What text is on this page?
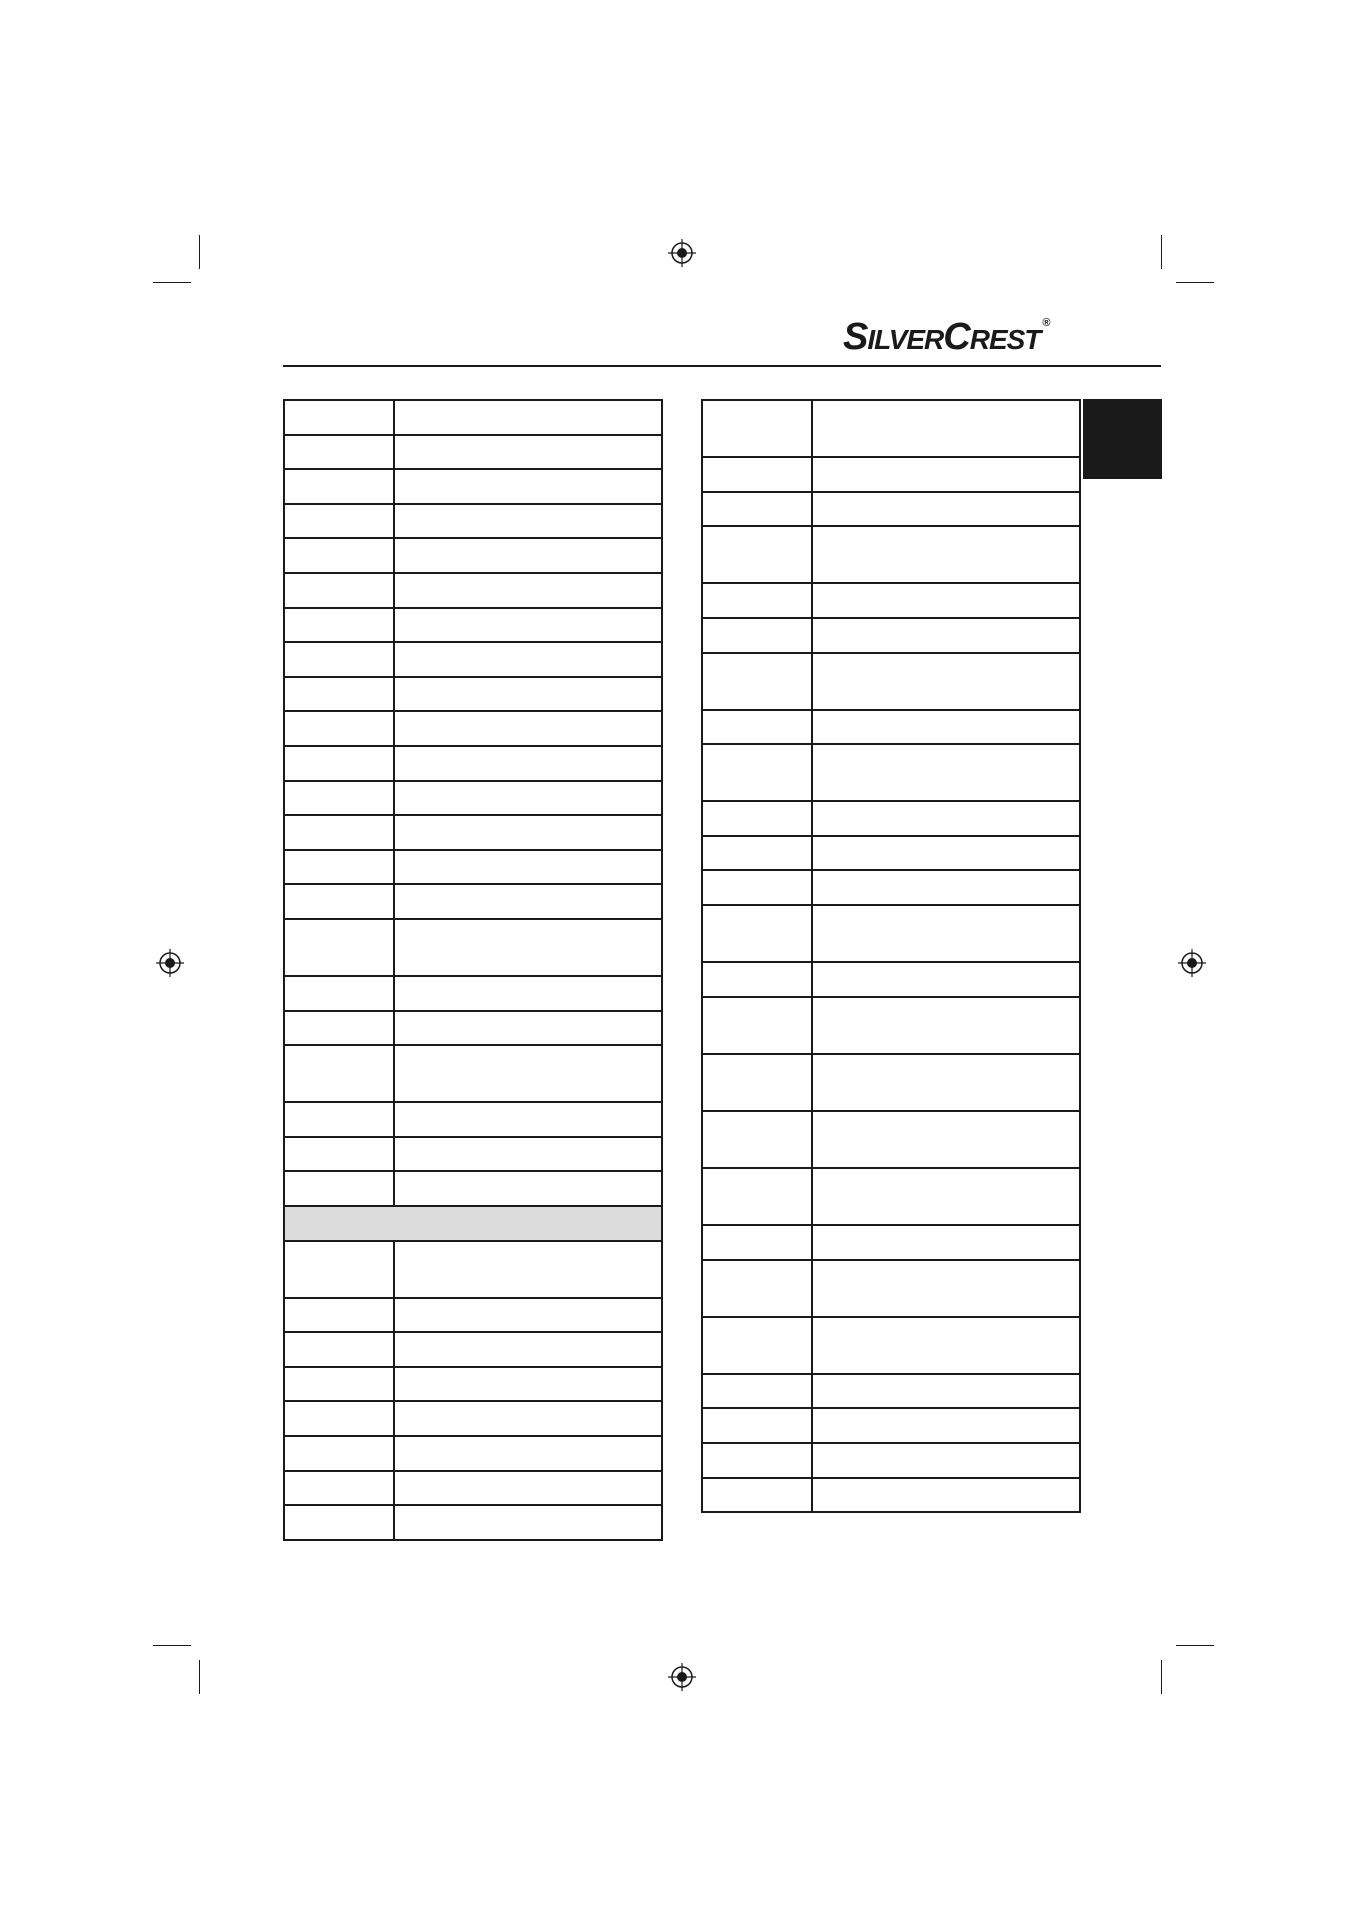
SILVERCREST®
